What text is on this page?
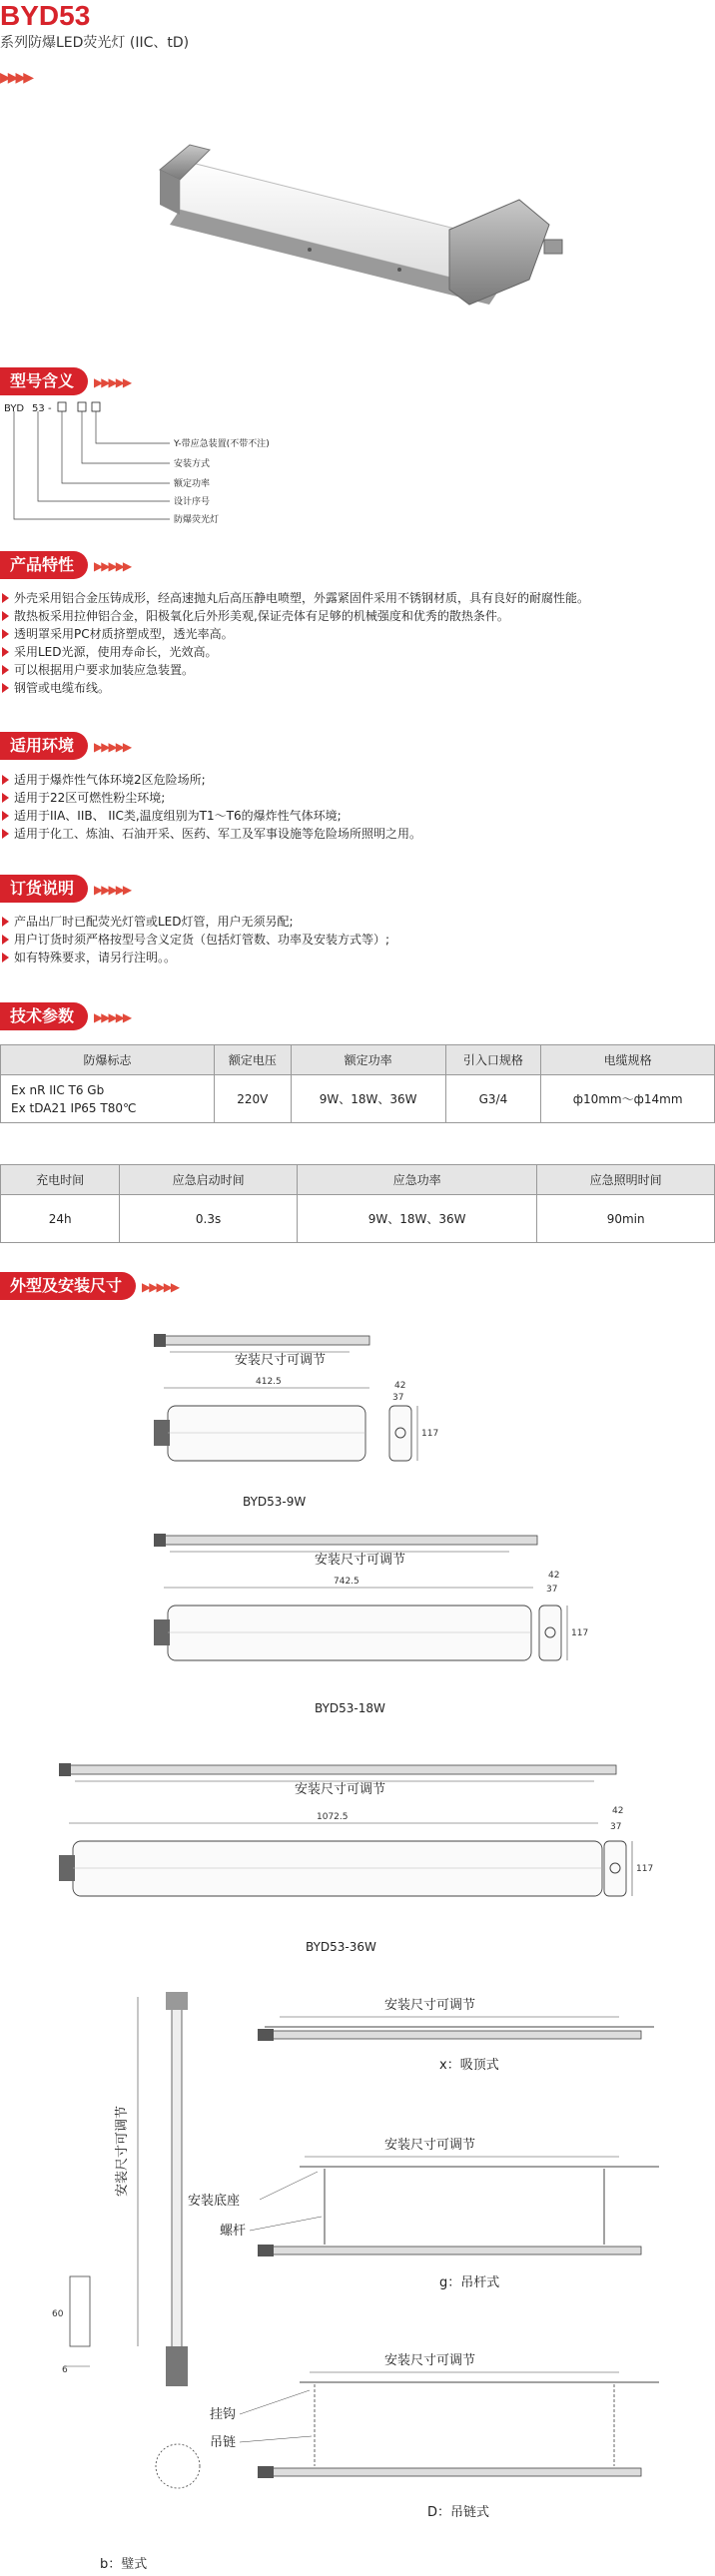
BYD53
系列防爆LED荧光灯 (IIC、tD)
▶▶▶▶
型号含义 ▶▶▶▶▶
BYD 53 -
Y-带应急装置(不带不注)
安装方式
额定功率
设计序号
防爆荧光灯
产品特性 ▶▶▶▶▶
外壳采用铝合金压铸成形，经高速抛丸后高压静电喷塑，外露紧固件采用不锈钢材质，具有良好的耐腐性能。
散热板采用拉伸铝合金，阳极氧化后外形美观,保证壳体有足够的机械强度和优秀的散热条件。
透明罩采用PC材质挤塑成型，透光率高。
采用LED光源，使用寿命长，光效高。
可以根据用户要求加装应急装置。
钢管或电缆布线。
适用环境 ▶▶▶▶▶
适用于爆炸性气体环境2区危险场所;
适用于22区可燃性粉尘环境;
适用于IIA、IIB、 IIC类,温度组别为T1～T6的爆炸性气体环境;
适用于化工、炼油、石油开采、医药、军工及军事设施等危险场所照明之用。
订货说明 ▶▶▶▶▶
产品出厂时已配荧光灯管或LED灯管，用户无须另配;
用户订货时须严格按型号含义定货（包括灯管数、功率及安装方式等）;
如有特殊要求，请另行注明。。
技术参数 ▶▶▶▶▶
防爆标志	额定电压	额定功率	引入口规格	电缆规格

Ex nR IIC T6 Gb
Ex tDA21 IP65 T80℃	220V	9W、18W、36W	G3/4	ф10mm～ф14mm
充电时间	应急启动时间	应急功率	应急照明时间
24h	0.3s	9W、18W、36W	90min
外型及安装尺寸 ▶▶▶▶▶
安装尺寸可调节
412.5	42
37
117
BYD53-9W
安装尺寸可调节
742.5
42
37
117
BYD53-18W
安装尺寸可调节
1072.5
42
37
117
BYD53-36W
安装尺寸可调节
60
6
安装尺寸可调节
x：吸顶式
安装尺寸可调节
安装底座
螺杆
g：吊杆式
安装尺寸可调节
挂钩
吊链
D：吊链式
b：璧式
